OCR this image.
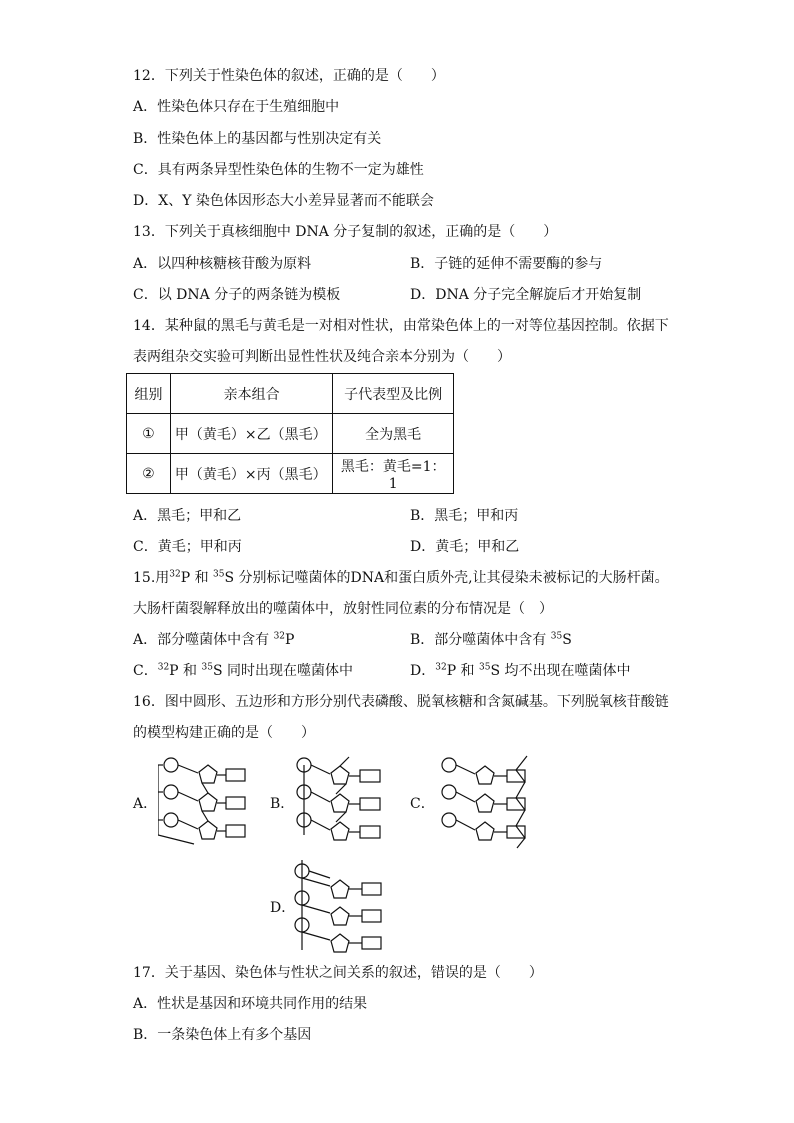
12．下列关于性染色体的叙述，正确的是（　　）
A．性染色体只存在于生殖细胞中
B．性染色体上的基因都与性别决定有关
C．具有两条异型性染色体的生物不一定为雄性
D．X、Y 染色体因形态大小差异显著而不能联会
13．下列关于真核细胞中 DNA 分子复制的叙述，正确的是（　　）
A．以四种核糖核苷酸为原料	B．子链的延伸不需要酶的参与
C．以 DNA 分子的两条链为模板	D．DNA 分子完全解旋后才开始复制
14．某种鼠的黑毛与黄毛是一对相对性状，由常染色体上的一对等位基因控制。依据下
表两组杂交实验可判断出显性性状及纯合亲本分别为（　　）
组别	亲本组合	子代表型及比例
①	甲（黄毛）×乙（黑毛）	全为黑毛
②	甲（黄毛）×丙（黑毛）	黑毛：黄毛=1：1
A．黑毛；甲和乙	B．黑毛；甲和丙
C．黄毛；甲和丙	D．黄毛；甲和乙
15.用$^{32}$P 和 $^{35}$S 分别标记噬菌体的DNA和蛋白质外壳,让其侵染未被标记的大肠杆菌。
大肠杆菌裂解释放出的噬菌体中，放射性同位素的分布情况是（　）
A．部分噬菌体中含有 $^{32}$P	B．部分噬菌体中含有 $^{35}$S
C．$^{32}$P 和 $^{35}$S 同时出现在噬菌体中	D．$^{32}$P 和 $^{35}$S 均不出现在噬菌体中
16．图中圆形、五边形和方形分别代表磷酸、脱氧核糖和含氮碱基。下列脱氧核苷酸链
的模型构建正确的是（　　）
A．	B．	C．
D．
17．关于基因、染色体与性状之间关系的叙述，错误的是（　　）
A．性状是基因和环境共同作用的结果
B．一条染色体上有多个基因
